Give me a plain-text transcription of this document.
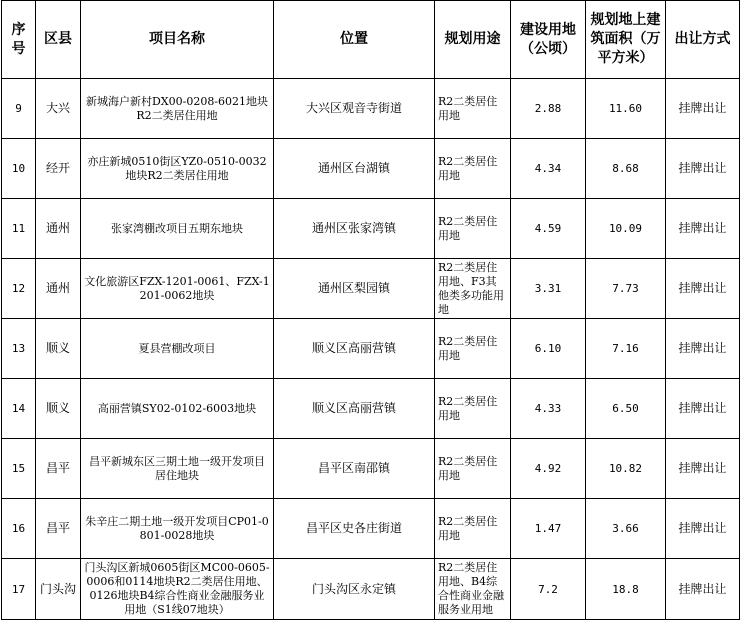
序号	区县	项目名称	位置	规划用途	建设用地（公顷）	规划地上建筑面积（万平方米）	出让方式
9	大兴	新城海户新村DX00-0208-6021地块R2二类居住用地	大兴区观音寺街道	R2二类居住用地	2.88	11.60	挂牌出让
10	经开	亦庄新城0510街区YZ0-0510-0032地块R2二类居住用地	通州区台湖镇	R2二类居住用地	4.34	8.68	挂牌出让
11	通州	张家湾棚改项目五期东地块	通州区张家湾镇	R2二类居住用地	4.59	10.09	挂牌出让
12	通州	文化旅游区FZX-1201-0061、FZX-1201-0062地块	通州区梨园镇	R2二类居住用地、F3其他类多功能用地	3.31	7.73	挂牌出让
13	顺义	夏县营棚改项目	顺义区高丽营镇	R2二类居住用地	6.10	7.16	挂牌出让
14	顺义	高丽营镇SY02-0102-6003地块	顺义区高丽营镇	R2二类居住用地	4.33	6.50	挂牌出让
15	昌平	昌平新城东区三期土地一级开发项目居住地块	昌平区南邵镇	R2二类居住用地	4.92	10.82	挂牌出让
16	昌平	朱辛庄二期土地一级开发项目CP01-0801-0028地块	昌平区史各庄街道	R2二类居住用地	1.47	3.66	挂牌出让
17	门头沟	门头沟区新城0605街区MC00-0605-0006和0114地块R2二类居住用地、0126地块B4综合性商业金融服务业用地（S1线07地块）	门头沟区永定镇	R2二类居住用地、B4综合性商业金融服务业用地	7.2	18.8	挂牌出让
